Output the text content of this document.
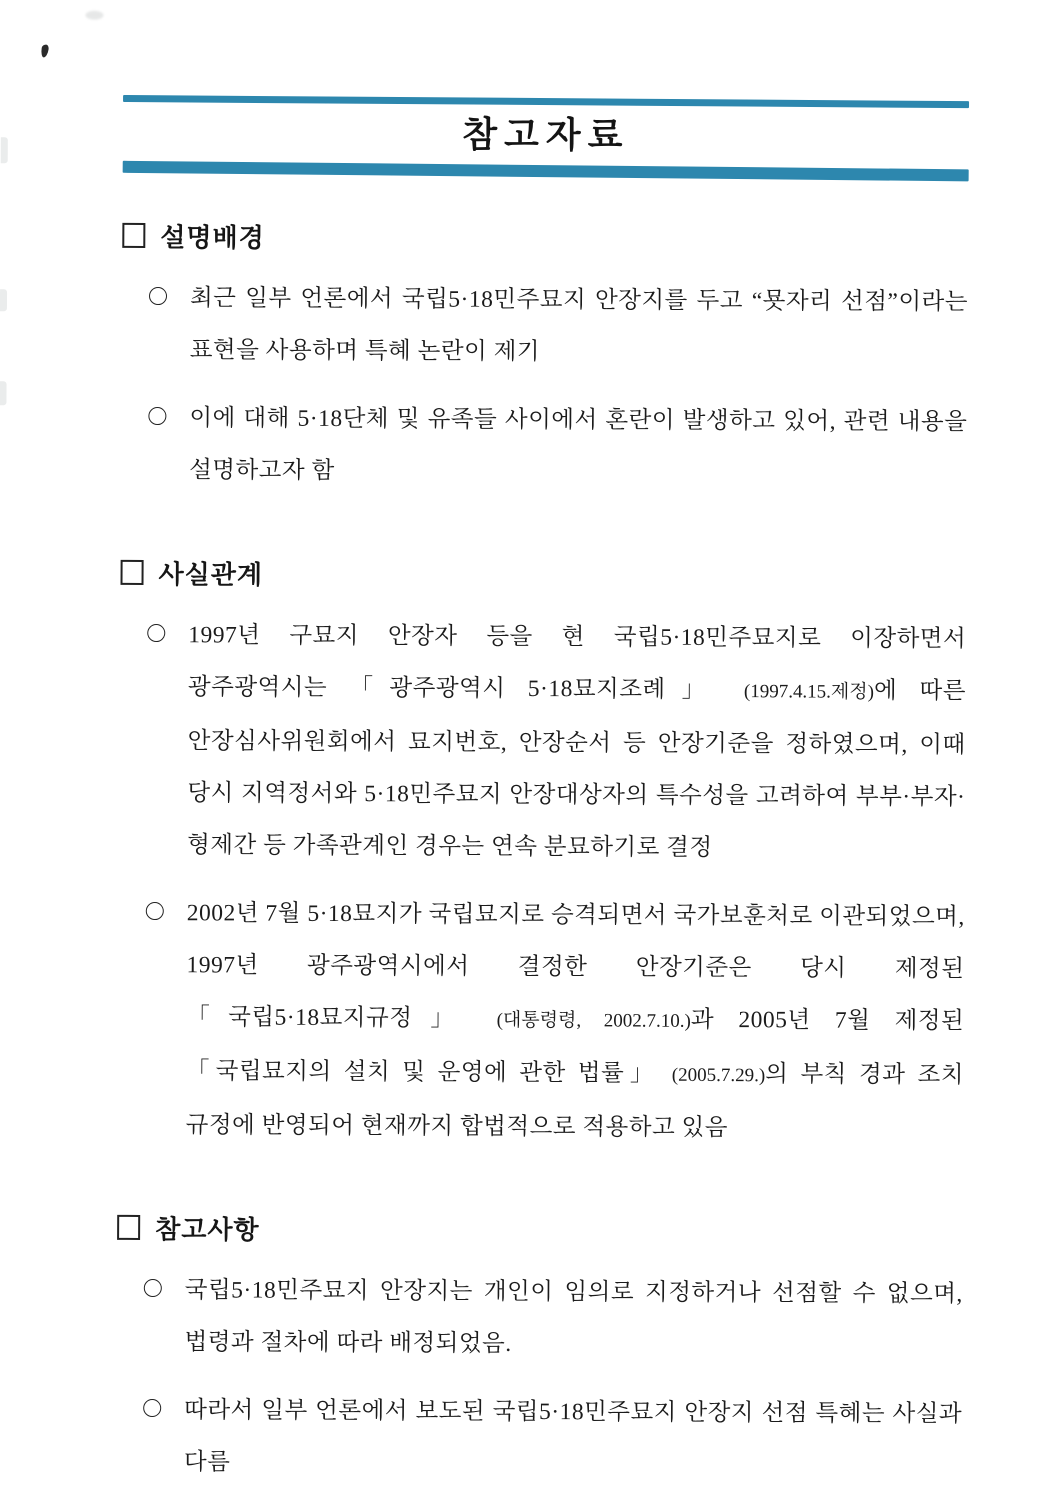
참고자료
설명배경
최근 일부 언론에서 국립5·18민주묘지 안장지를 두고 “묫자리 선점”이라는 표현을 사용하며 특혜 논란이 제기
이에 대해 5·18단체 및 유족들 사이에서 혼란이 발생하고 있어, 관련 내용을 설명하고자 함
사실관계
1997년 구묘지 안장자 등을 현 국립5·18민주묘지로 이장하면서 광주광역시는 「광주광역시 5·18묘지조례」 (1997.4.15.제정)에 따른 안장심사위원회에서 묘지번호, 안장순서 등 안장기준을 정하였으며, 이때 당시 지역정서와 5·18민주묘지 안장대상자의 특수성을 고려하여 부부·부자·형제간 등 가족관계인 경우는 연속 분묘하기로 결정
2002년 7월 5·18묘지가 국립묘지로 승격되면서 국가보훈처로 이관되었으며, 1997년 광주광역시에서 결정한 안장기준은 당시 제정된 「국립5·18묘지규정」 (대통령령, 2002.7.10.)과 2005년 7월 제정된 「국립묘지의 설치 및 운영에 관한 법률」 (2005.7.29.)의 부칙 경과 조치 규정에 반영되어 현재까지 합법적으로 적용하고 있음
참고사항
국립5·18민주묘지 안장지는 개인이 임의로 지정하거나 선점할 수 없으며, 법령과 절차에 따라 배정되었음.
따라서 일부 언론에서 보도된 국립5·18민주묘지 안장지 선점 특혜는 사실과 다름
